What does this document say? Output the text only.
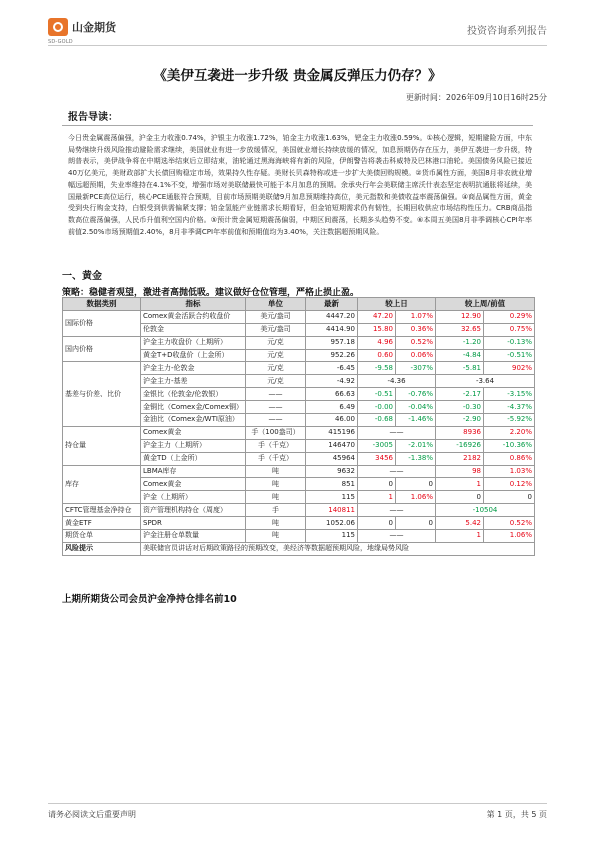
山金期货
SD-GOLD
投资咨询系列报告
《美伊互袭进一步升级 贵金属反弹压力仍存？》
更新时间：2026年09月10日16时25分
报告导读：

今日贵金属震荡偏强，沪金主力收涨0.74%，沪银主力收涨1.72%，铂金主力收涨1.63%，钯金主力收涨0.59%。①核心逻辑，短期避险方面，中东局势继续升级风险推动避险需求继续，美国就业有进一步放缓情况，美国就业增长持续放缓的情况，加息预期仍存在压力，美伊互袭进一步升级，特朗普表示，美伊战争将在中期选举结束后立即结束，油轮通过黑海海峡将有新的风险，伊朗警告将袭击科威特及巴林港口油轮。美国债务风险已接近40万亿美元，美财政部扩大长债回购稳定市场，效果持久性存疑。美财长贝森特称或进一步扩大美债回购规模。②货币属性方面，美国8月非农就业增幅远超预期，失业率维持在4.1%不变，增强市场对美联储最快可能于本月加息的预期。余承央行年会美联储主席沃什表态坚定表明抗通胀将延续，美国最新PCE高位运行，核心PCE通胀符合预期，目前市场预期美联储9月加息预期维持高位，美元指数和美债收益率震荡偏强。④商品属性方面，黄金受到央行购金支持，白银受到供需偏紧支撑；铂金氢能产业链需求长期看好，但金铂短期需求仍有韧性，长期回收供应市场结构性压力。CRB商品指数高位震荡偏强，人民币升值利空国内价格。⑤预计贵金属短期震荡偏弱，中期区间震荡，长期多头趋势不变。⑥本周五美国8月非季调核心CPI年率前值2.50%市场预期值2.40%，8月非季调CPI年率前值和预期值均为3.40%，关注数据超预期风险。

一、黄金
策略：稳健者观望，激进者高抛低吸。建议做好仓位管理，严格止损止盈。
数据类别	指标	单位	最新	较上日		较上周/前值	
国际价格	Comex黄金活跃合约收盘价	美元/盎司	4447.20	47.20	1.07%	12.90	0.29%
	伦敦金	美元/盎司	4414.90	15.80	0.36%	32.65	0.75%
国内价格	沪金主力收盘价（上期所）	元/克	957.18	4.96	0.52%	-1.20	-0.13%
	黄金T+D收盘价（上金所）	元/克	952.26	0.60	0.06%	-4.84	-0.51%
基差与价差、比价	沪金主力-伦敦金	元/克	-6.45	-9.58	-307%	-5.81	902%
	沪金主力-基差	元/克	-4.92	-4.36		-3.64	
	金银比（伦敦金/伦敦银）	——	66.63	-0.51	-0.76%	-2.17	-3.15%
	金铜比（Comex金/Comex铜）	——	6.49	-0.00	-0.04%	-0.30	-4.37%
	金油比（Comex金/WTI原油）	——	46.00	-0.68	-1.46%	-2.90	-5.92%
持仓量	Comex黄金	手（100盎司）	415196	——		8936	2.20%
	沪金主力（上期所）	手（千克）	146470	-3005	-2.01%	-16926	-10.36%
	黄金TD（上金所）	手（千克）	45964	3456	-1.38%	2182	0.86%
库存	LBMA库存	吨	9632	——		98	1.03%
	Comex黄金	吨	851	0	0	1	0.12%
	沪金（上期所）	吨	115	1	1.06%	0	0
CFTC管理基金净持仓	资产管理机构持仓（周度）	手	140811	——		-10504	
黄金ETF	SPDR	吨	1052.06	0	0	5.42	0.52%
期货仓单	沪金注册仓单数量	吨	115	——		1	1.06%
风险提示	美联储官员讲话对后期政策路径的预期改变，美经济等数据超预期风险，地缘局势风险						
上期所期货公司会员沪金净持仓排名前10
请务必阅读文后重要声明	第 1 页，共 5 页
